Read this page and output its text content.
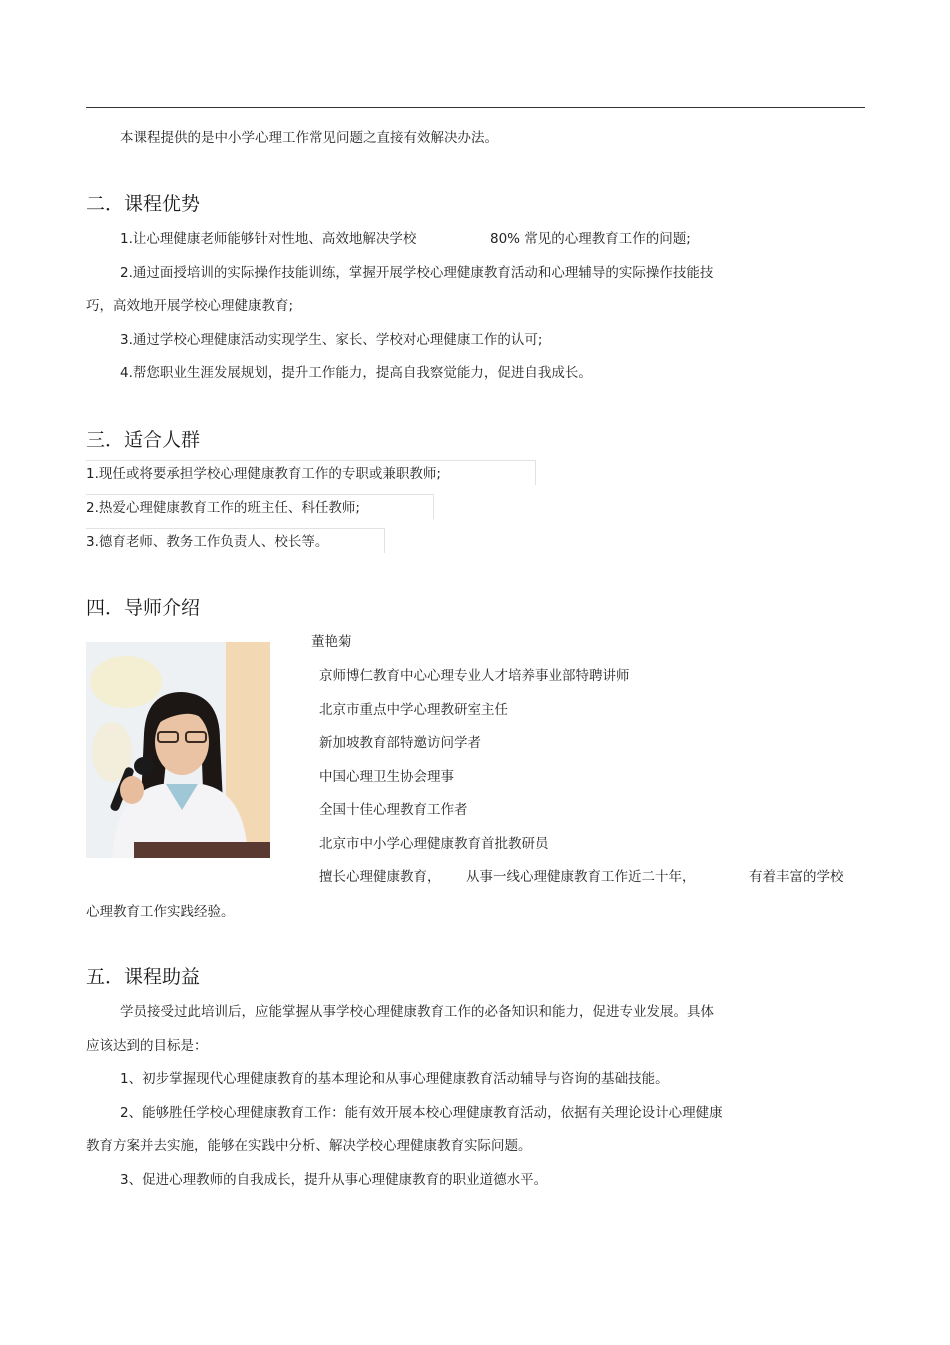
本课程提供的是中小学心理工作常见问题之直接有效解决办法。
二．课程优势
1.让心理健康老师能够针对性地、高效地解决学校	80% 常见的心理教育工作的问题;
2.通过面授培训的实际操作技能训练，掌握开展学校心理健康教育活动和心理辅导的实际操作技能技
巧，高效地开展学校心理健康教育;
3.通过学校心理健康活动实现学生、家长、学校对心理健康工作的认可;
4.帮您职业生涯发展规划，提升工作能力，提高自我察觉能力，促进自我成长。
三．适合人群
1.现任或将要承担学校心理健康教育工作的专职或兼职教师;
2.热爱心理健康教育工作的班主任、科任教师;
3.德育老师、教务工作负责人、校长等。
四．导师介绍
董艳菊
京师博仁教育中心心理专业人才培养事业部特聘讲师
北京市重点中学心理教研室主任
新加坡教育部特邀访问学者
中国心理卫生协会理事
全国十佳心理教育工作者
北京市中小学心理健康教育首批教研员
擅长心理健康教育， 从事一线心理健康教育工作近二十年，	有着丰富的学校
心理教育工作实践经验。
五．课程助益
学员接受过此培训后，应能掌握从事学校心理健康教育工作的必备知识和能力，促进专业发展。具体
应该达到的目标是：
1、初步掌握现代心理健康教育的基本理论和从事心理健康教育活动辅导与咨询的基础技能。
2、能够胜任学校心理健康教育工作：能有效开展本校心理健康教育活动，依据有关理论设计心理健康
教育方案并去实施，能够在实践中分析、解决学校心理健康教育实际问题。
3、促进心理教师的自我成长，提升从事心理健康教育的职业道德水平。
